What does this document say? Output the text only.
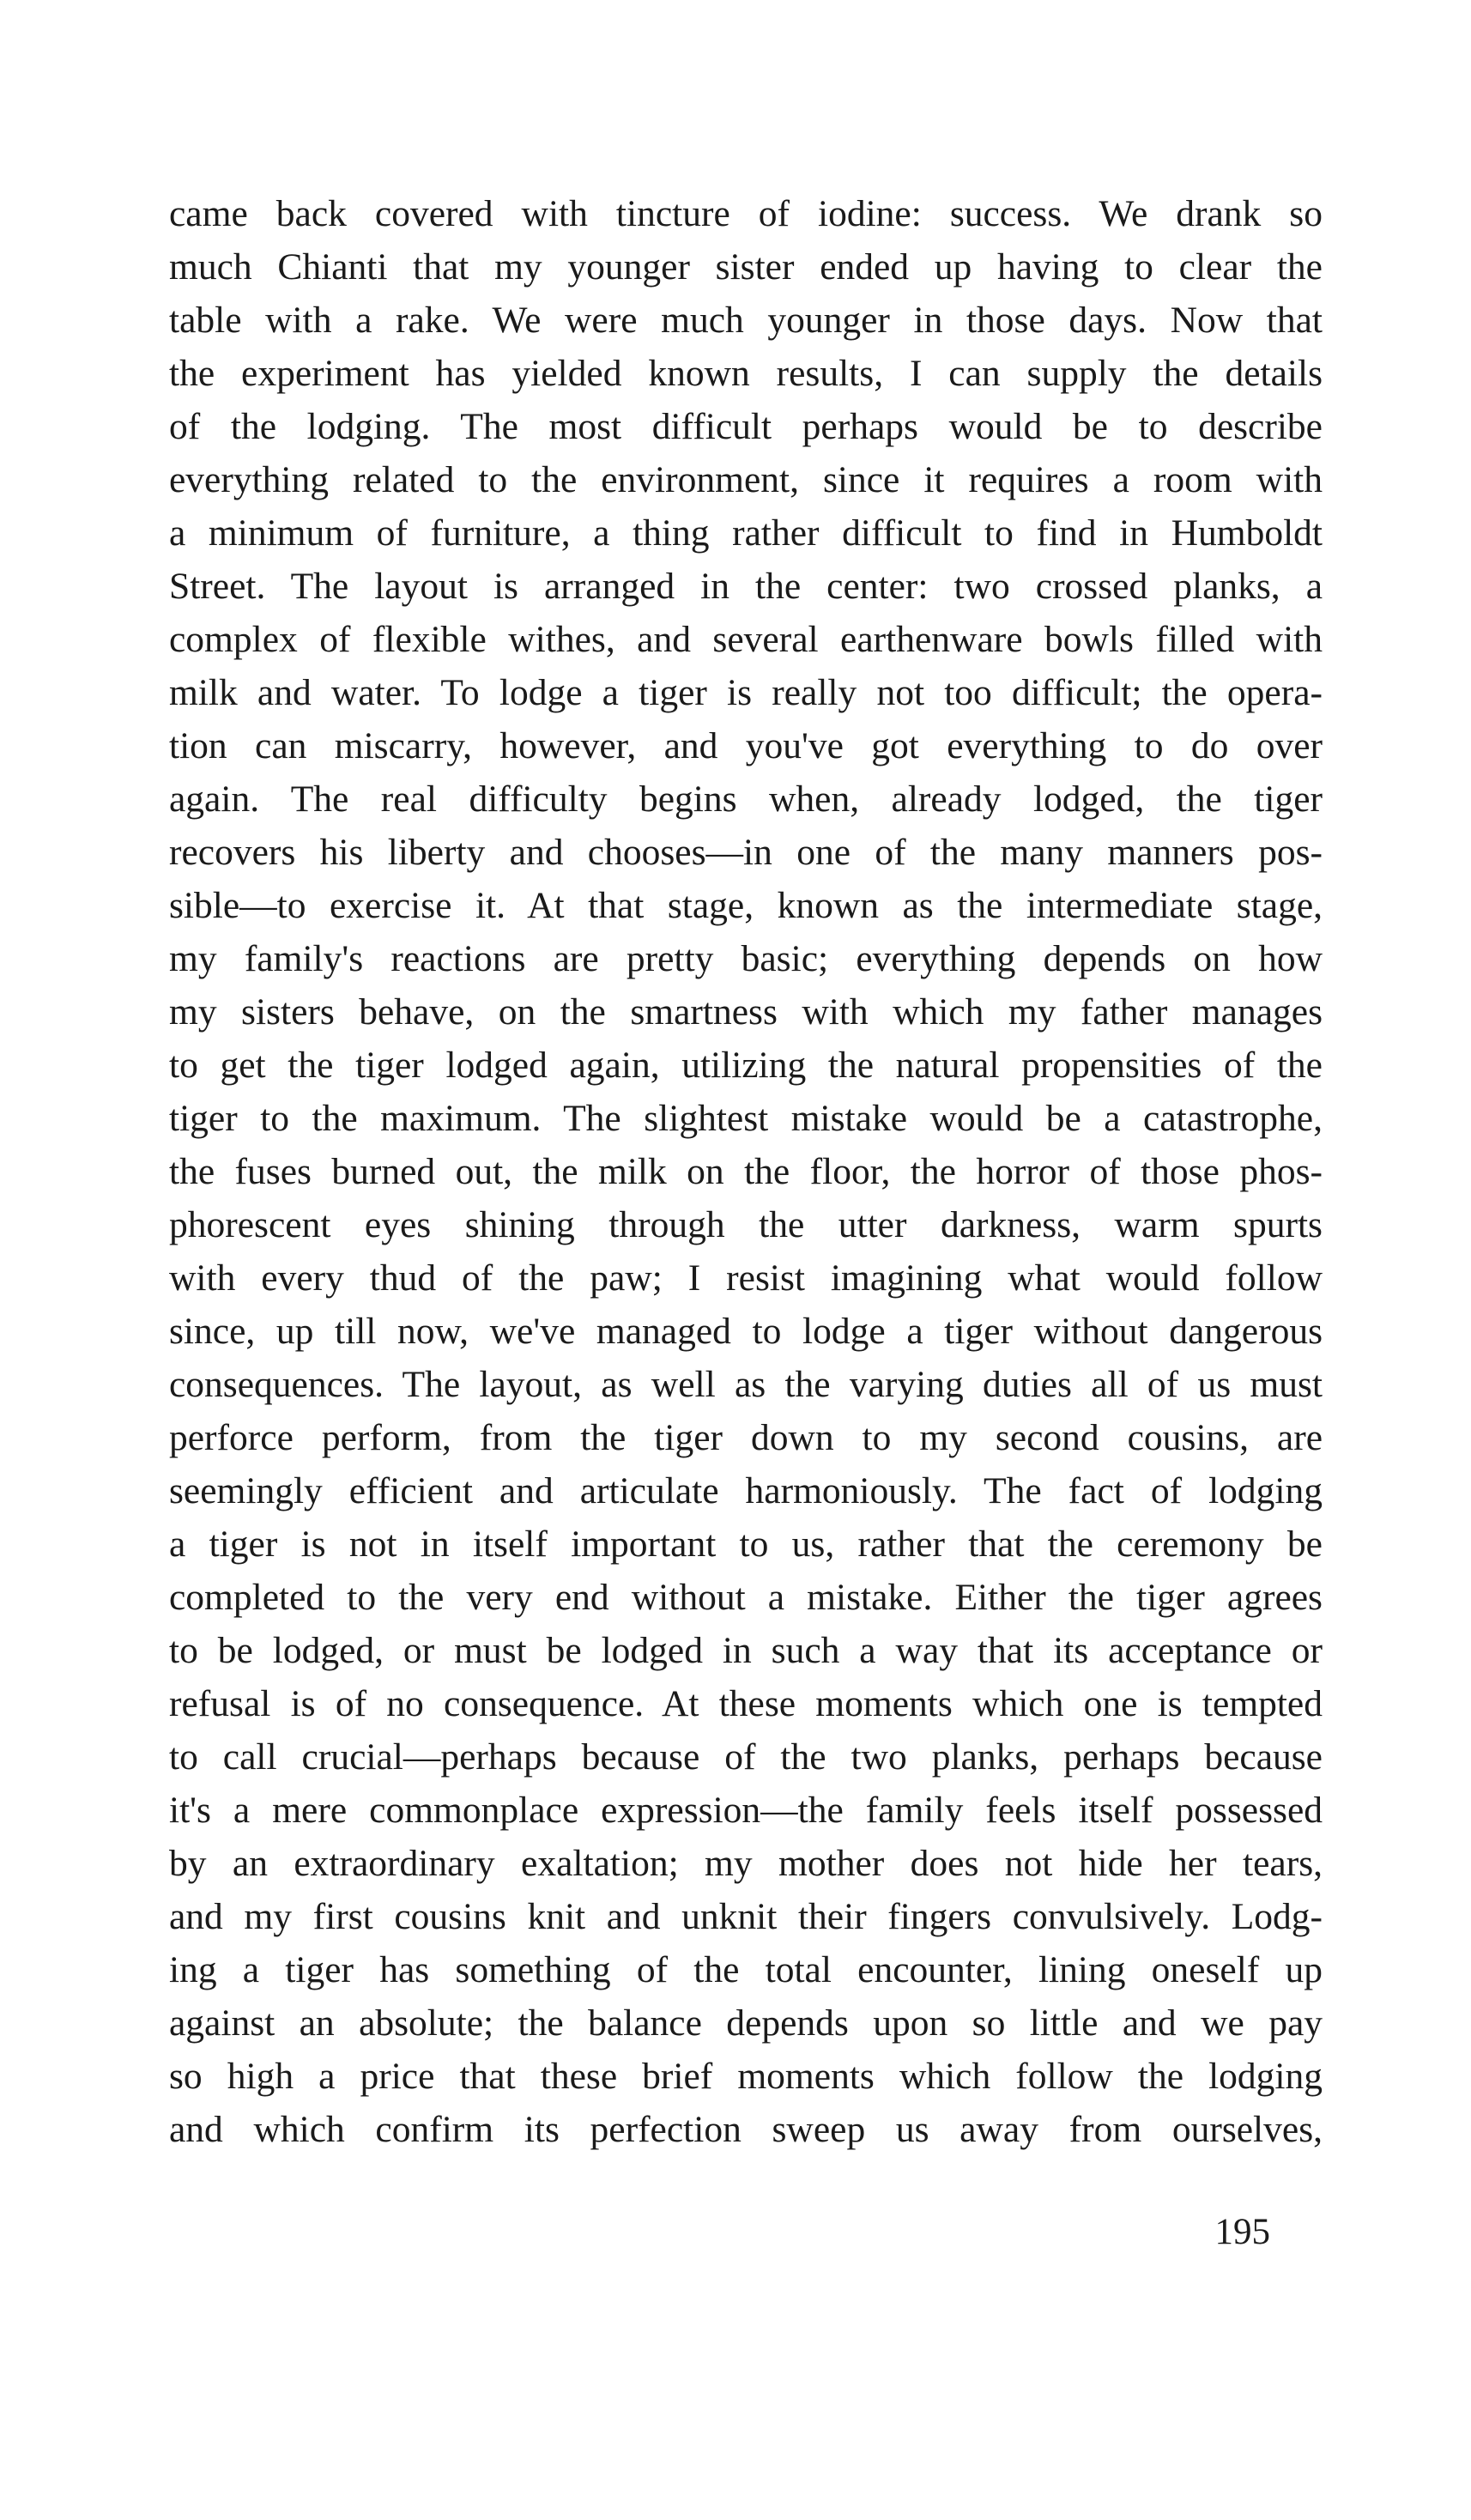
came back covered with tincture of iodine: success. We drank so
much Chianti that my younger sister ended up having to clear the
table with a rake. We were much younger in those days. Now that
the experiment has yielded known results, I can supply the details
of the lodging. The most difficult perhaps would be to describe
everything related to the environment, since it requires a room with
a minimum of furniture, a thing rather difficult to find in Humboldt
Street. The layout is arranged in the center: two crossed planks, a
complex of flexible withes, and several earthenware bowls filled with
milk and water. To lodge a tiger is really not too difficult; the opera-
tion can miscarry, however, and you've got everything to do over
again. The real difficulty begins when, already lodged, the tiger
recovers his liberty and chooses—in one of the many manners pos-
sible—to exercise it. At that stage, known as the intermediate stage,
my family's reactions are pretty basic; everything depends on how
my sisters behave, on the smartness with which my father manages
to get the tiger lodged again, utilizing the natural propensities of the
tiger to the maximum. The slightest mistake would be a catastrophe,
the fuses burned out, the milk on the floor, the horror of those phos-
phorescent eyes shining through the utter darkness, warm spurts
with every thud of the paw; I resist imagining what would follow
since, up till now, we've managed to lodge a tiger without dangerous
consequences. The layout, as well as the varying duties all of us must
perforce perform, from the tiger down to my second cousins, are
seemingly efficient and articulate harmoniously. The fact of lodging
a tiger is not in itself important to us, rather that the ceremony be
completed to the very end without a mistake. Either the tiger agrees
to be lodged, or must be lodged in such a way that its acceptance or
refusal is of no consequence. At these moments which one is tempted
to call crucial—perhaps because of the two planks, perhaps because
it's a mere commonplace expression—the family feels itself possessed
by an extraordinary exaltation; my mother does not hide her tears,
and my first cousins knit and unknit their fingers convulsively. Lodg-
ing a tiger has something of the total encounter, lining oneself up
against an absolute; the balance depends upon so little and we pay
so high a price that these brief moments which follow the lodging
and which confirm its perfection sweep us away from ourselves,
195
